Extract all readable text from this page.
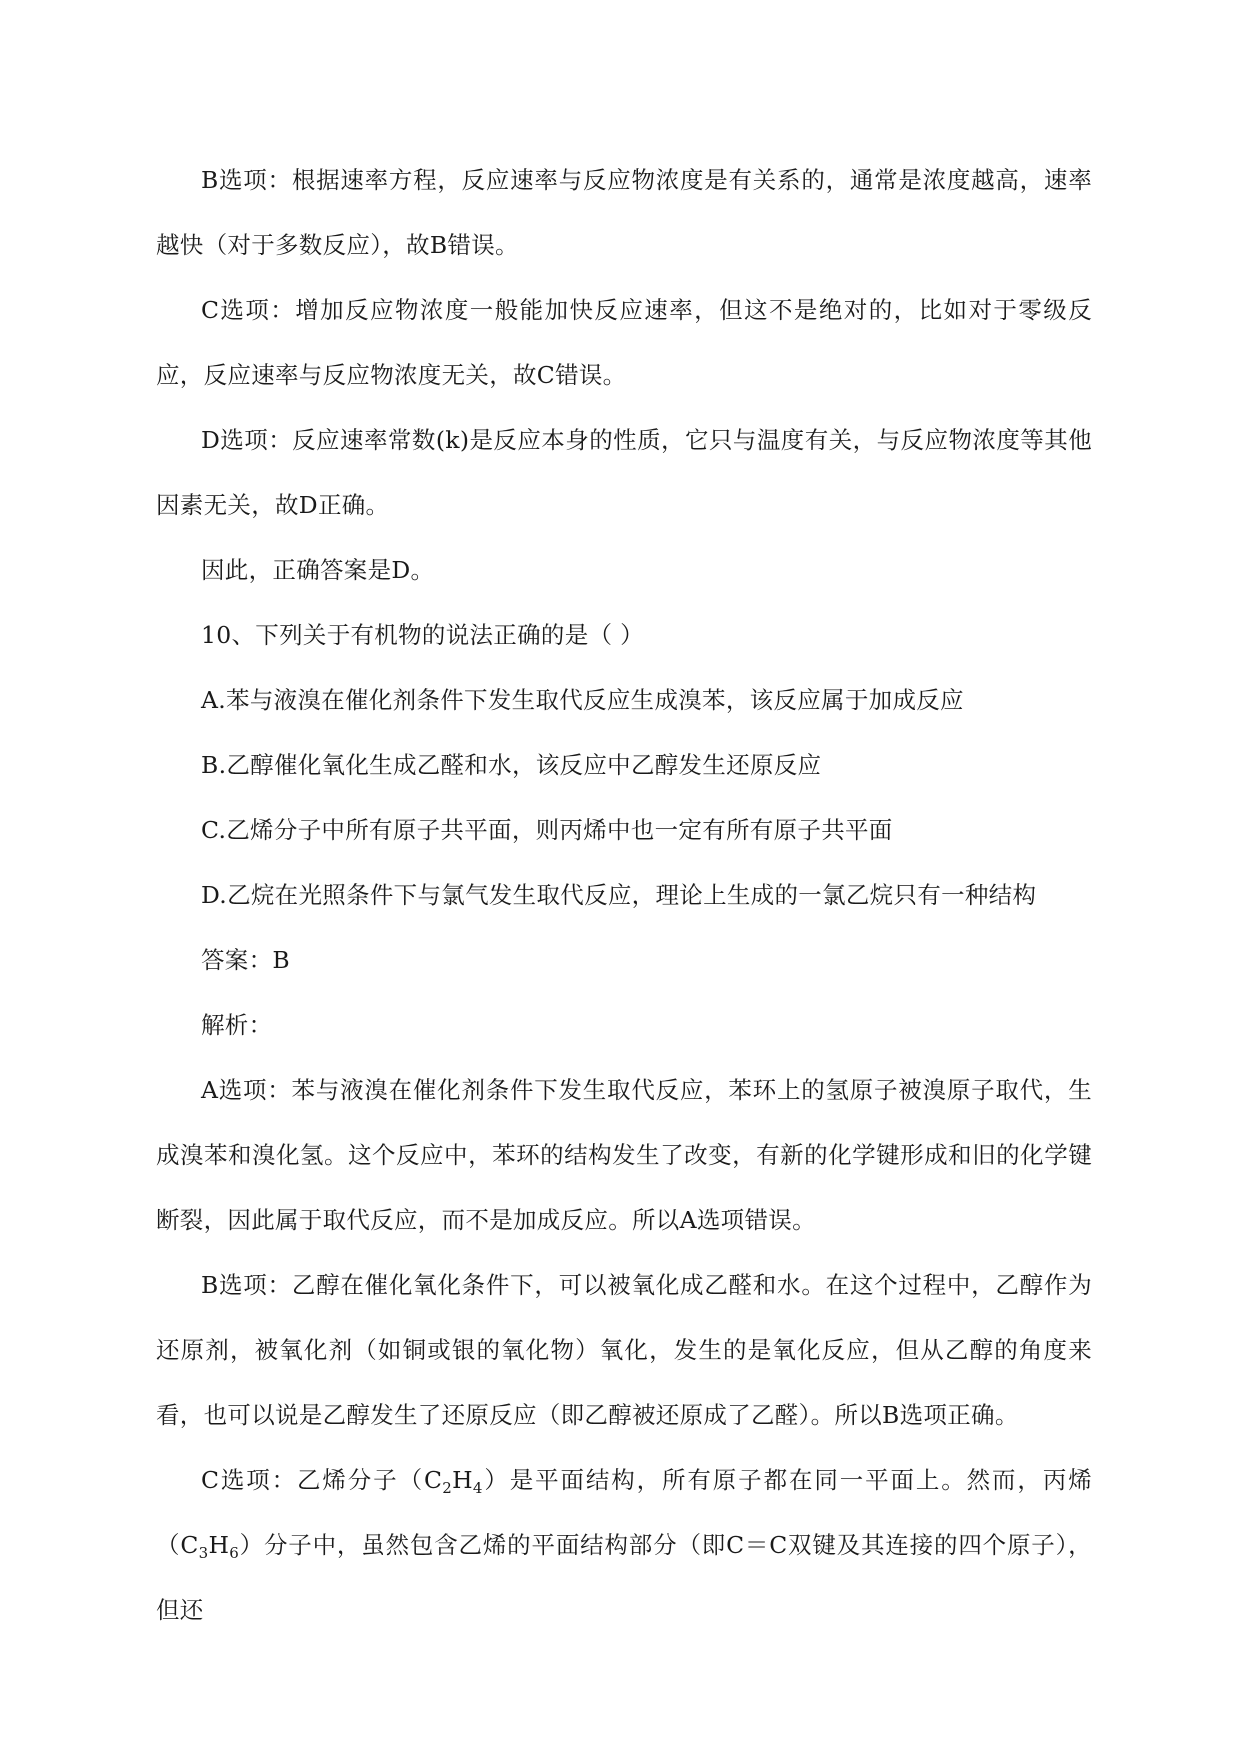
B选项：根据速率方程，反应速率与反应物浓度是有关系的，通常是浓度越高，速率越快（对于多数反应），故B错误。

C选项：增加反应物浓度一般能加快反应速率，但这不是绝对的，比如对于零级反应，反应速率与反应物浓度无关，故C错误。

D选项：反应速率常数(k)是反应本身的性质，它只与温度有关，与反应物浓度等其他因素无关，故D正确。

因此，正确答案是D。

10、下列关于有机物的说法正确的是（ ）

A.苯与液溴在催化剂条件下发生取代反应生成溴苯，该反应属于加成反应

B.乙醇催化氧化生成乙醛和水，该反应中乙醇发生还原反应

C.乙烯分子中所有原子共平面，则丙烯中也一定有所有原子共平面

D.乙烷在光照条件下与氯气发生取代反应，理论上生成的一氯乙烷只有一种结构

答案：B

解析：

A选项：苯与液溴在催化剂条件下发生取代反应，苯环上的氢原子被溴原子取代，生成溴苯和溴化氢。这个反应中，苯环的结构发生了改变，有新的化学键形成和旧的化学键断裂，因此属于取代反应，而不是加成反应。所以A选项错误。

B选项：乙醇在催化氧化条件下，可以被氧化成乙醛和水。在这个过程中，乙醇作为还原剂，被氧化剂（如铜或银的氧化物）氧化，发生的是氧化反应，但从乙醇的角度来看，也可以说是乙醇发生了还原反应（即乙醇被还原成了乙醛）。所以B选项正确。

C选项：乙烯分子$(C_2H_4)$是平面结构，所有原子都在同一平面上。然而，丙烯$(C_3H_6)$分子中，虽然包含乙烯的平面结构部分（即C＝C双键及其连接的四个原子），但还
